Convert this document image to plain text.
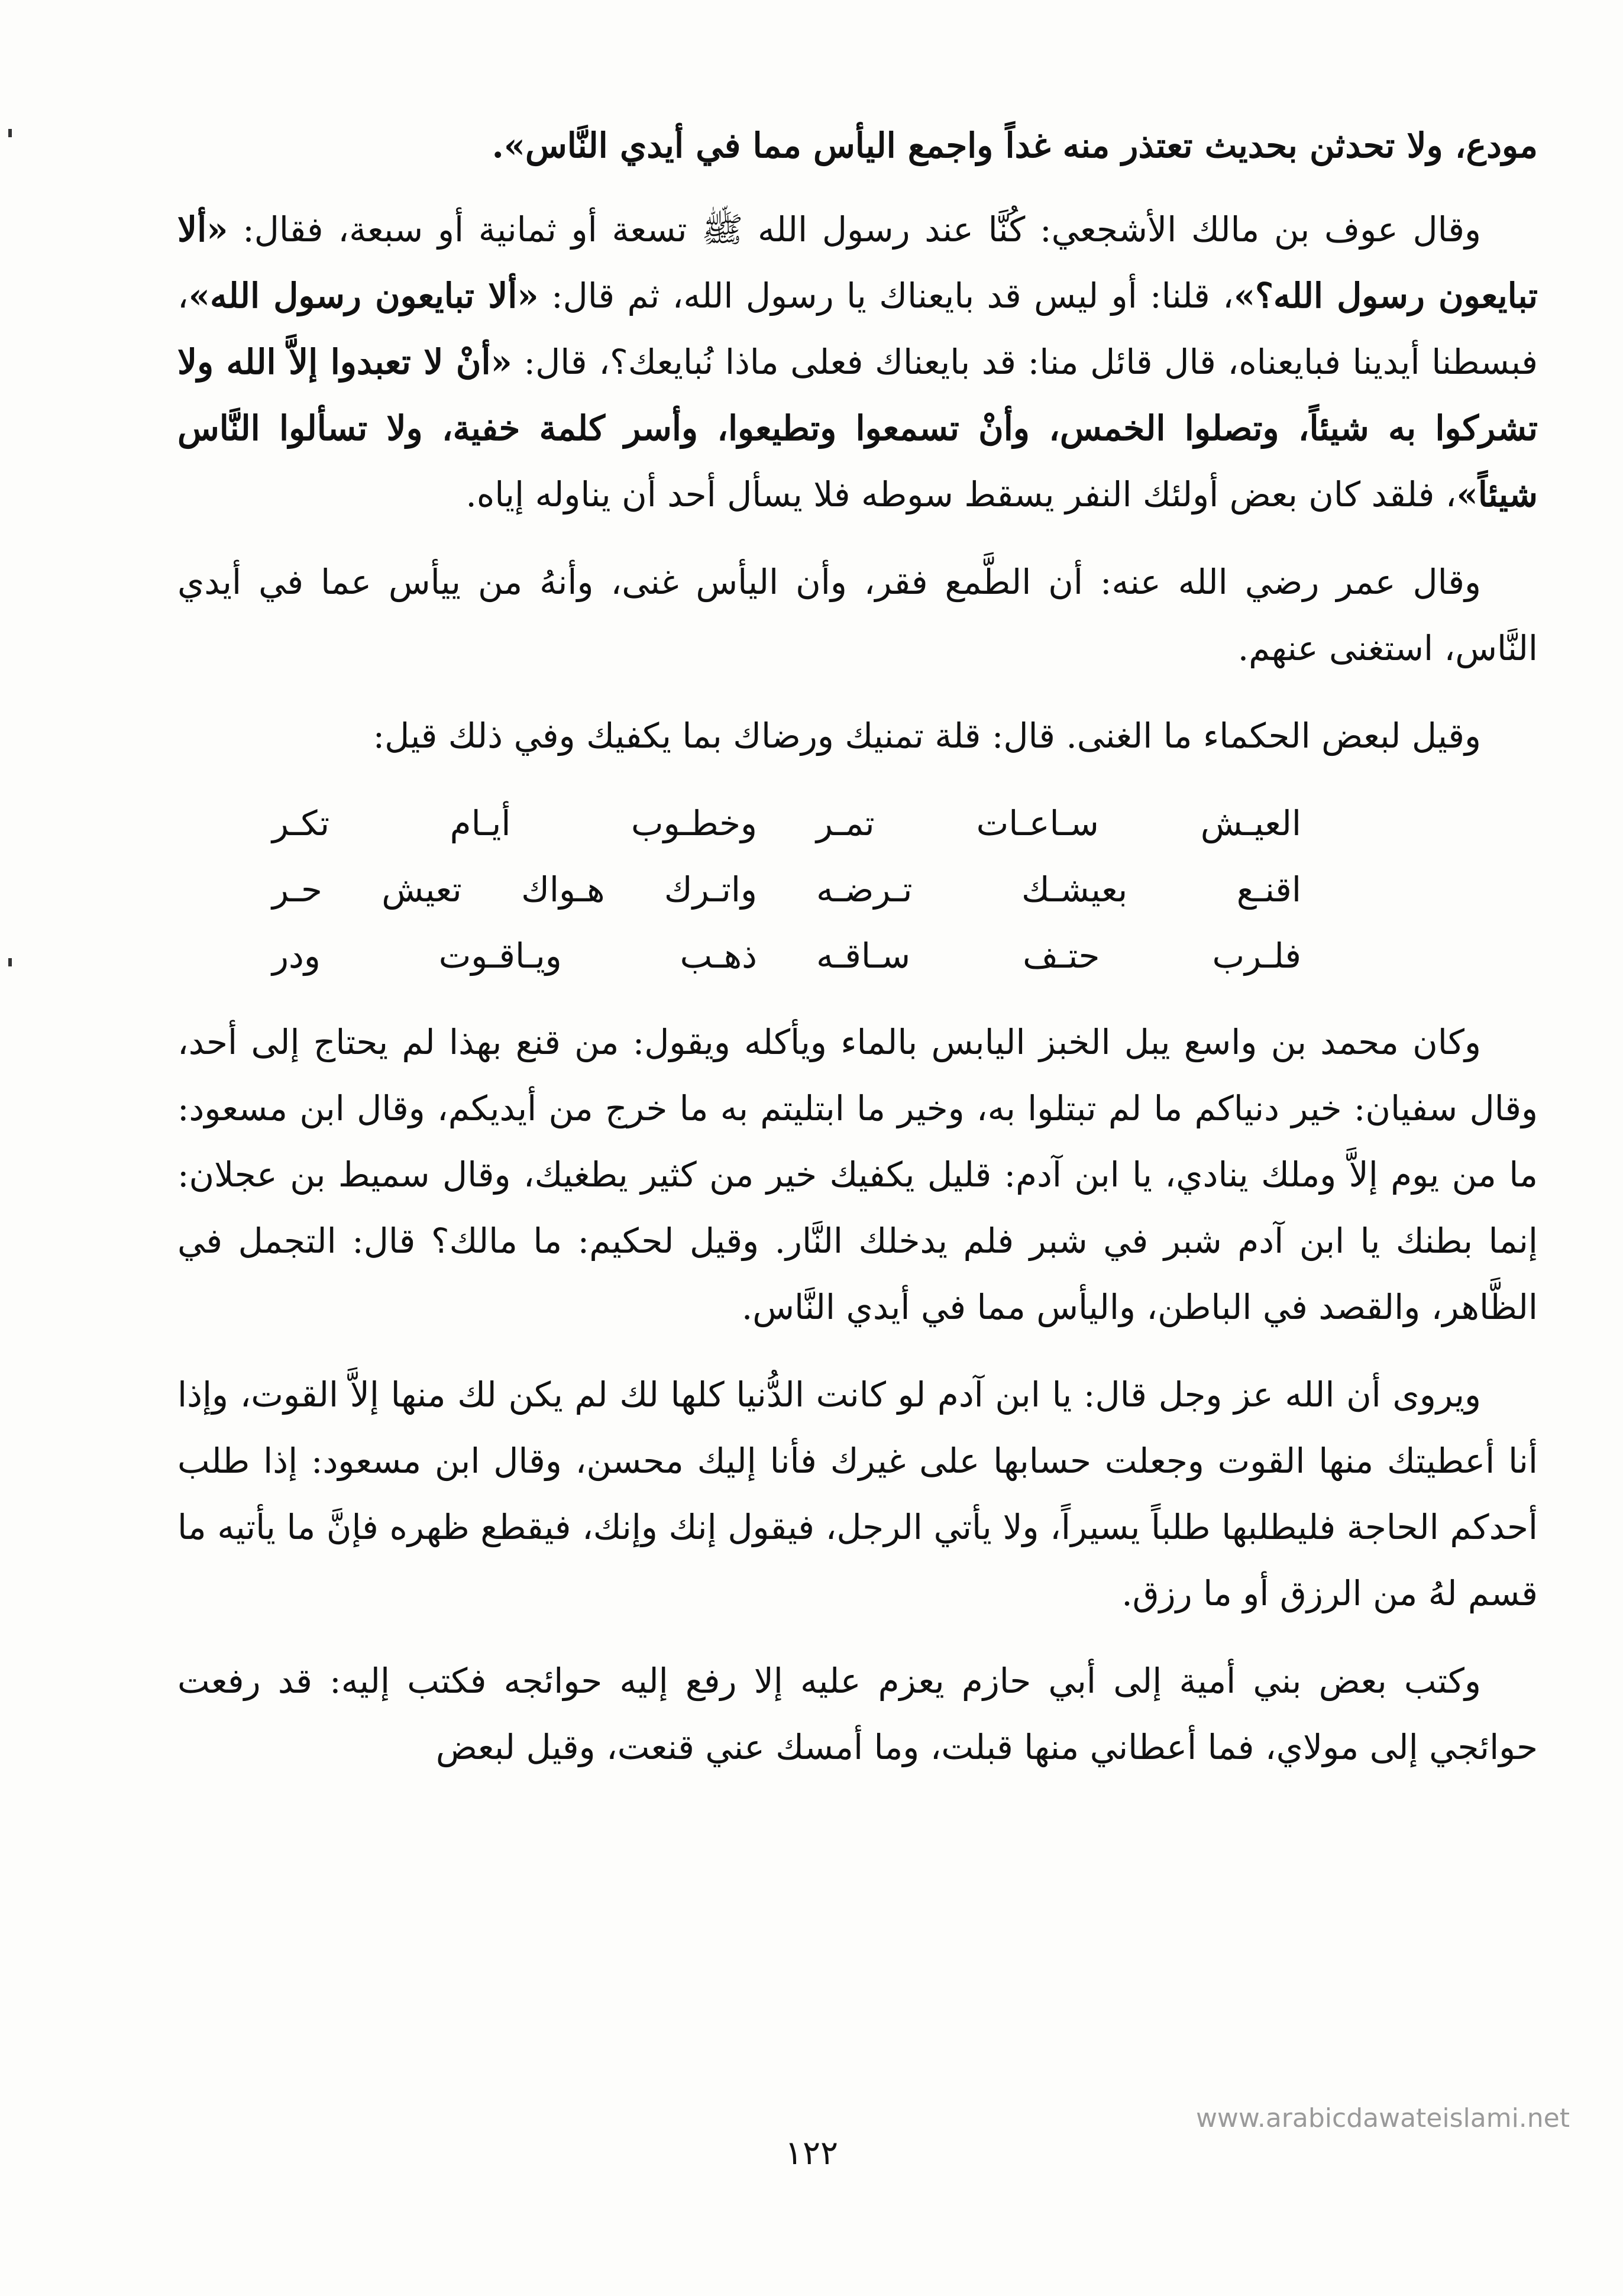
مودع، ولا تحدثن بحديث تعتذر منه غداً واجمع اليأس مما في أيدي النَّاس».

وقال عوف بن مالك الأشجعي: كُنَّا عند رسول الله ﷺ تسعة أو ثمانية أو سبعة، فقال: «ألا تبايعون رسول الله؟»، قلنا: أو ليس قد بايعناك يا رسول الله، ثم قال: «ألا تبايعون رسول الله»، فبسطنا أيدينا فبايعناه، قال قائل منا: قد بايعناك فعلى ماذا نُبايعك؟، قال: «أنْ لا تعبدوا إلاَّ الله ولا تشركوا به شيئاً، وتصلوا الخمس، وأنْ تسمعوا وتطيعوا، وأسر كلمة خفية، ولا تسألوا النَّاس شيئاً»، فلقد كان بعض أولئك النفر يسقط سوطه فلا يسأل أحد أن يناوله إياه.

وقال عمر رضي الله عنه: أن الطَّمع فقر، وأن اليأس غنى، وأنهُ من ييأس عما في أيدي النَّاس، استغنى عنهم.

وقيل لبعض الحكماء ما الغنى. قال: قلة تمنيك ورضاك بما يكفيك وفي ذلك قيل:

العيـش سـاعـات تمـر
وخطـوب أيـام تكـر
اقنـع بعيشـك تـرضـه
واتـرك هـواك تعيش حـر
فلـرب حتـف سـاقـه
ذهـب ويـاقـوت ودر

وكان محمد بن واسع يبل الخبز اليابس بالماء ويأكله ويقول: من قنع بهذا لم يحتاج إلى أحد، وقال سفيان: خير دنياكم ما لم تبتلوا به، وخير ما ابتليتم به ما خرج من أيديكم، وقال ابن مسعود: ما من يوم إلاَّ وملك ينادي، يا ابن آدم: قليل يكفيك خير من كثير يطغيك، وقال سميط بن عجلان: إنما بطنك يا ابن آدم شبر في شبر فلم يدخلك النَّار. وقيل لحكيم: ما مالك؟ قال: التجمل في الظَّاهر، والقصد في الباطن، واليأس مما في أيدي النَّاس.

ويروى أن الله عز وجل قال: يا ابن آدم لو كانت الدُّنيا كلها لك لم يكن لك منها إلاَّ القوت، وإذا أنا أعطيتك منها القوت وجعلت حسابها على غيرك فأنا إليك محسن، وقال ابن مسعود: إذا طلب أحدكم الحاجة فليطلبها طلباً يسيراً، ولا يأتي الرجل، فيقول إنك وإنك، فيقطع ظهره فإنَّ ما يأتيه ما قسم لهُ من الرزق أو ما رزق.

وكتب بعض بني أمية إلى أبي حازم يعزم عليه إلا رفع إليه حوائجه فكتب إليه: قد رفعت حوائجي إلى مولاي، فما أعطاني منها قبلت، وما أمسك عني قنعت، وقيل لبعض

www.arabicdawateislami.net
١٢٢
